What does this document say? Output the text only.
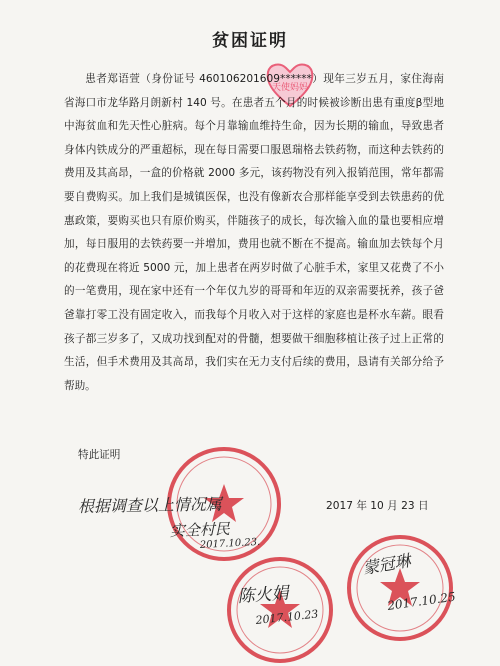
贫困证明
天使妈妈

患者郑语萱（身份证号 460106201609******）现年三岁五月，家住海南省海口市龙华路月朗新村 140 号。在患者五个月的时候被诊断出患有重度β型地中海贫血和先天性心脏病。每个月靠输血维持生命，因为长期的输血，导致患者身体内铁成分的严重超标，现在每日需要口服恩瑞格去铁药物，而这种去铁药的费用及其高昂，一盒的价格就 2000 多元，该药物没有列入报销范围，常年都需要自费购买。加上我们是城镇医保，也没有像新农合那样能享受到去铁患药的优惠政策，要购买也只有原价购买，伴随孩子的成长，每次输入血的量也要相应增加，每日服用的去铁药要一并增加，费用也就不断在不提高。输血加去铁每个月的花费现在将近 5000 元，加上患者在两岁时做了心脏手术，家里又花费了不小的一笔费用，现在家中还有一个年仅九岁的哥哥和年迈的双亲需要抚养，孩子爸爸靠打零工没有固定收入，而我每个月收入对于这样的家庭也是杯水车薪。眼看孩子都三岁多了，又成功找到配对的骨髓，想要做干细胞移植让孩子过上正常的生活，但手术费用及其高昂，我们实在无力支付后续的费用，恳请有关部分给予帮助。

特此证明
2017 年 10 月 23 日
根据调查以上情况属
实全村民
2017.10.23.
陈火娟
2017.10.23
蒙冠琳
2017.10.25
